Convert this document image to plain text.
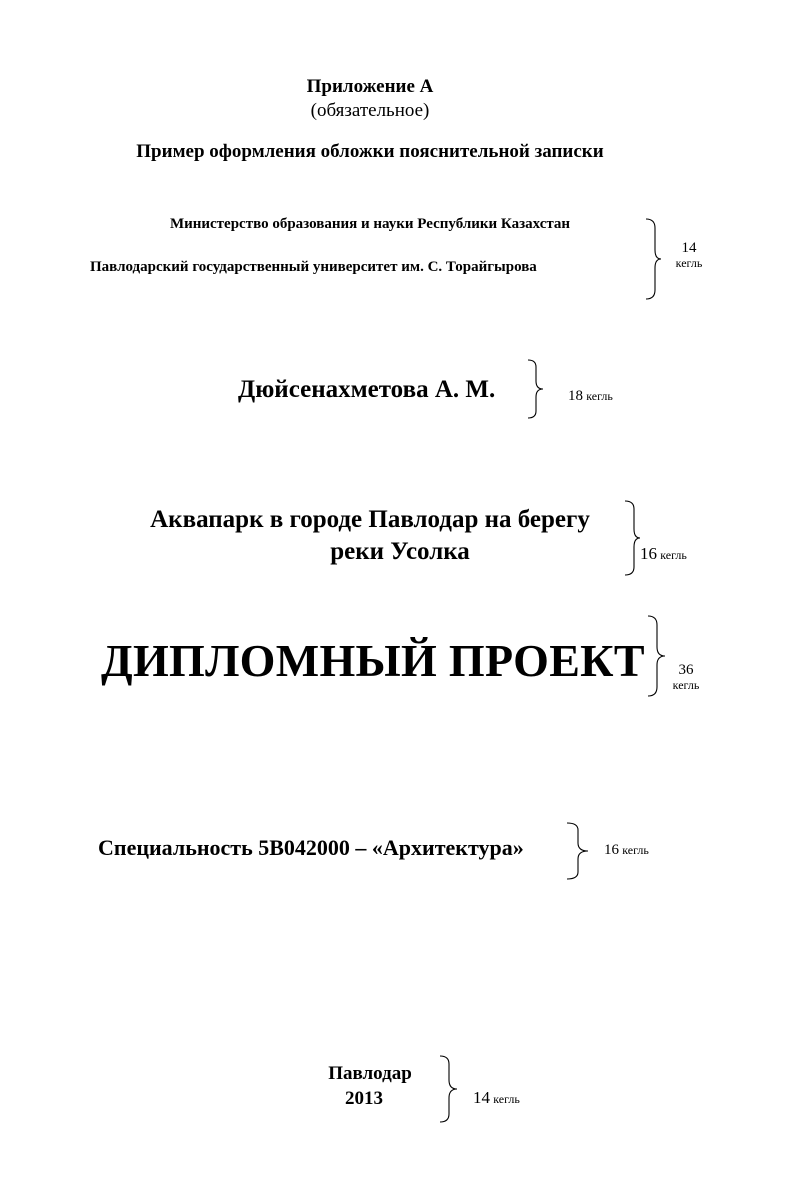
Приложение А
(обязательное)
Пример оформления обложки пояснительной записки
Министерство образования и науки Республики Казахстан
Павлодарский государственный университет им. С. Торайгырова
14
кегль
Дюйсенахметова А. М.	18 кегль
Аквапарк в городе Павлодар на берегу
реки Усолка	16 кегль
ДИПЛОМНЫЙ ПРОЕКТ	36
кегль
Специальность 5В042000 – «Архитектура»	16 кегль
Павлодар
2013	14 кегль
